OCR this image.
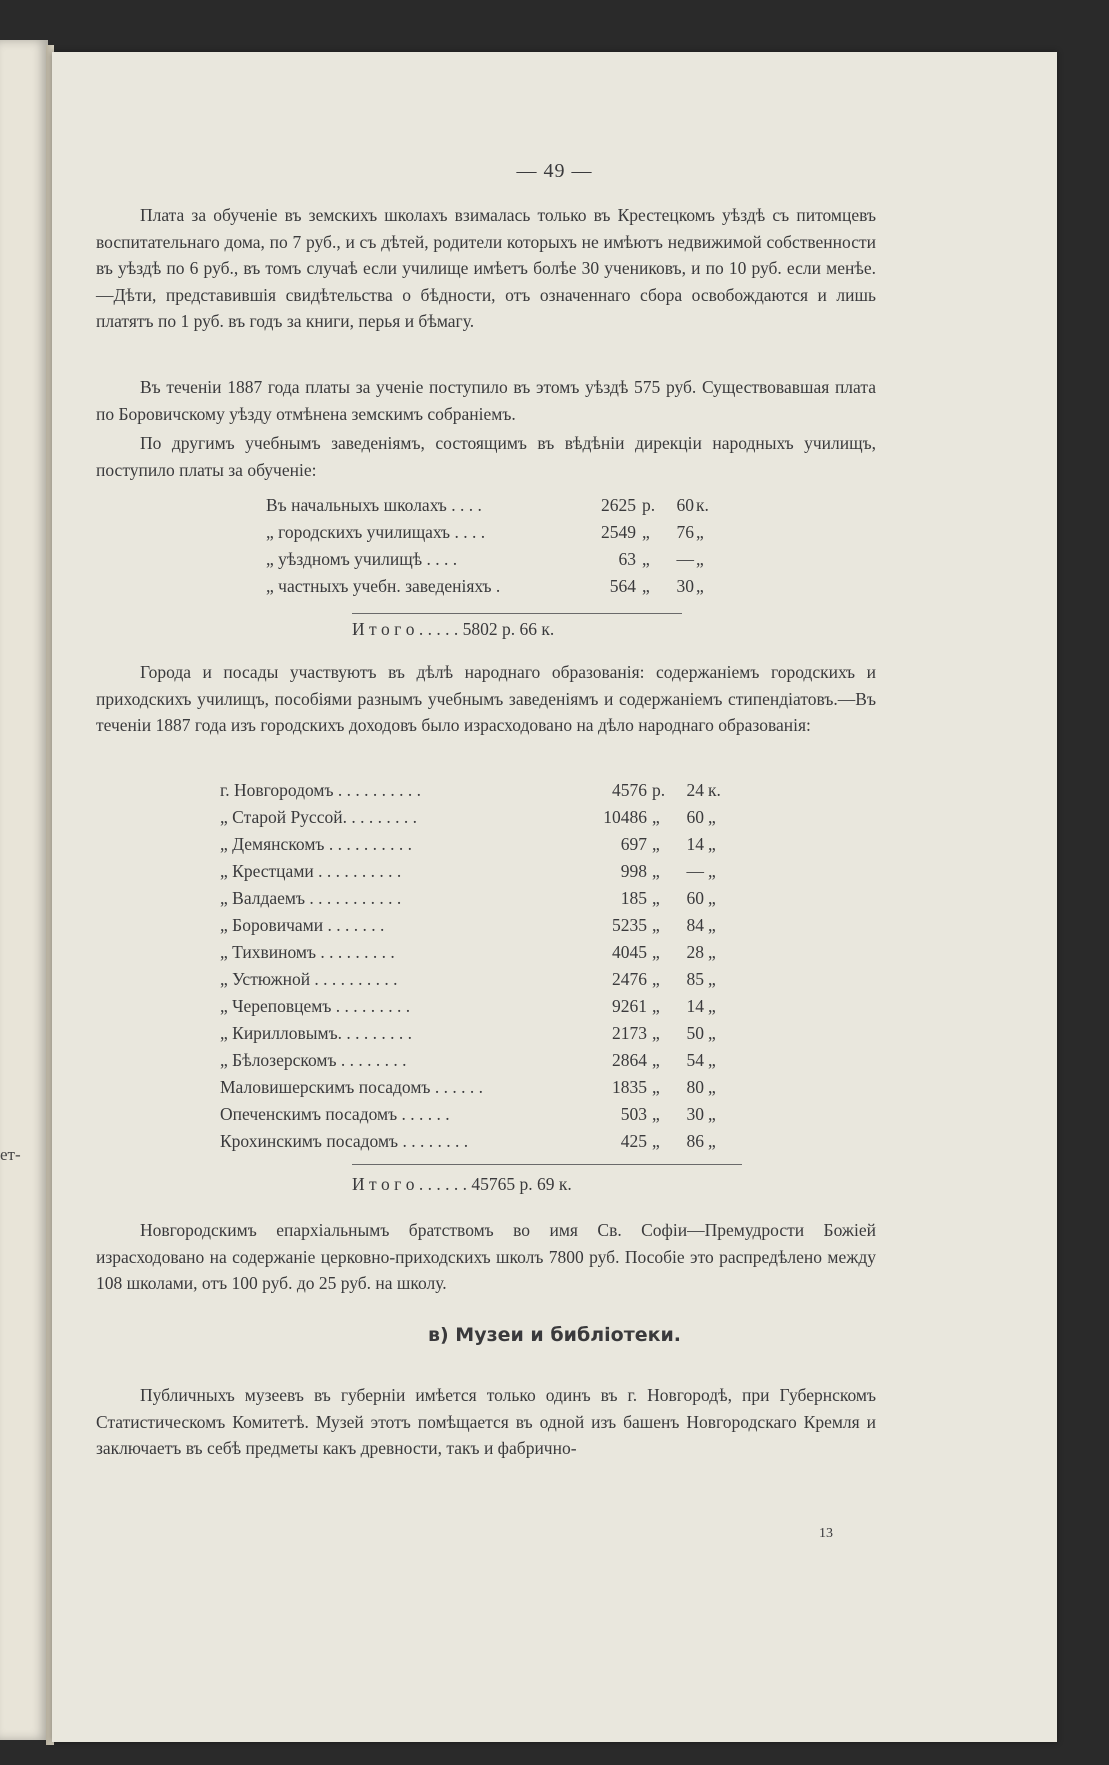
ет-
— 49 —

Плата за обученіе въ земскихъ школахъ взималась только въ Крестецкомъ уѣздѣ съ питомцевъ воспитательнаго дома, по 7 руб., и съ дѣтей, родители которыхъ не имѣютъ недвижимой собственности въ уѣздѣ по 6 руб., въ томъ случаѣ если училище имѣетъ болѣе 30 учениковъ, и по 10 руб. если менѣе.—Дѣти, представившія свидѣтельства о бѣдности, отъ означеннаго сбора освобождаются и лишь платятъ по 1 руб. въ годъ за книги, перья и бѣмагу.

Въ теченіи 1887 года платы за ученіе поступило въ этомъ уѣздѣ 575 руб. Существовавшая плата по Боровичскому уѣзду отмѣнена земскимъ собраніемъ.

По другимъ учебнымъ заведеніямъ, состоящимъ въ вѣдѣніи дирекціи народныхъ училищъ, поступило платы за обученіе:

Въ начальныхъ школахъ . . . .	2625 р.	60 к.
„ городскихъ училищахъ . . . .	2549 „	76 „
„ уѣздномъ училищѣ . . . .	63 „	— „
„ частныхъ учебн. заведеніяхъ .	564 „	30 „
И т о г о . . . . . 5802 р. 66 к.

Города и посады участвуютъ въ дѣлѣ народнаго образованія: содержаніемъ городскихъ и приходскихъ училищъ, пособіями разнымъ учебнымъ заведеніямъ и содержаніемъ стипендіатовъ.—Въ теченіи 1887 года изъ городскихъ доходовъ было израсходовано на дѣло народнаго образованія:

г. Новгородомъ . . . . . . . . . .	4576 р.	24 к.
„ Старой Руссой. . . . . . . . .	10486 „	60 „
„ Демянскомъ . . . . . . . . . .	697 „	14 „
„ Крестцами . . . . . . . . . .	998 „	— „
„ Валдаемъ . . . . . . . . . . .	185 „	60 „
„ Боровичами . . . . . . .	5235 „	84 „
„ Тихвиномъ . . . . . . . . .	4045 „	28 „
„ Устюжной . . . . . . . . . .	2476 „	85 „
„ Череповцемъ . . . . . . . . .	9261 „	14 „
„ Кирилловымъ. . . . . . . . .	2173 „	50 „
„ Бѣлозерскомъ . . . . . . . .	2864 „	54 „
Маловишерскимъ посадомъ . . . . . .	1835 „	80 „
Опеченскимъ посадомъ . . . . . .	503 „	30 „
Крохинскимъ посадомъ . . . . . . . .	425 „	86 „
И т о г о . . . . . . 45765 р. 69 к.

Новгородскимъ епархіальнымъ братствомъ во имя Св. Софіи—Премудрости Божіей израсходовано на содержаніе церковно-приходскихъ школъ 7800 руб. Пособіе это распредѣлено между 108 школами, отъ 100 руб. до 25 руб. на школу.

в) Музеи и библіотеки.

Публичныхъ музеевъ въ губерніи имѣется только одинъ въ г. Новгородѣ, при Губернскомъ Статистическомъ Комитетѣ. Музей этотъ помѣщается въ одной изъ башенъ Новгородскаго Кремля и заключаетъ въ себѣ предметы какъ древности, такъ и фабрично-

13
